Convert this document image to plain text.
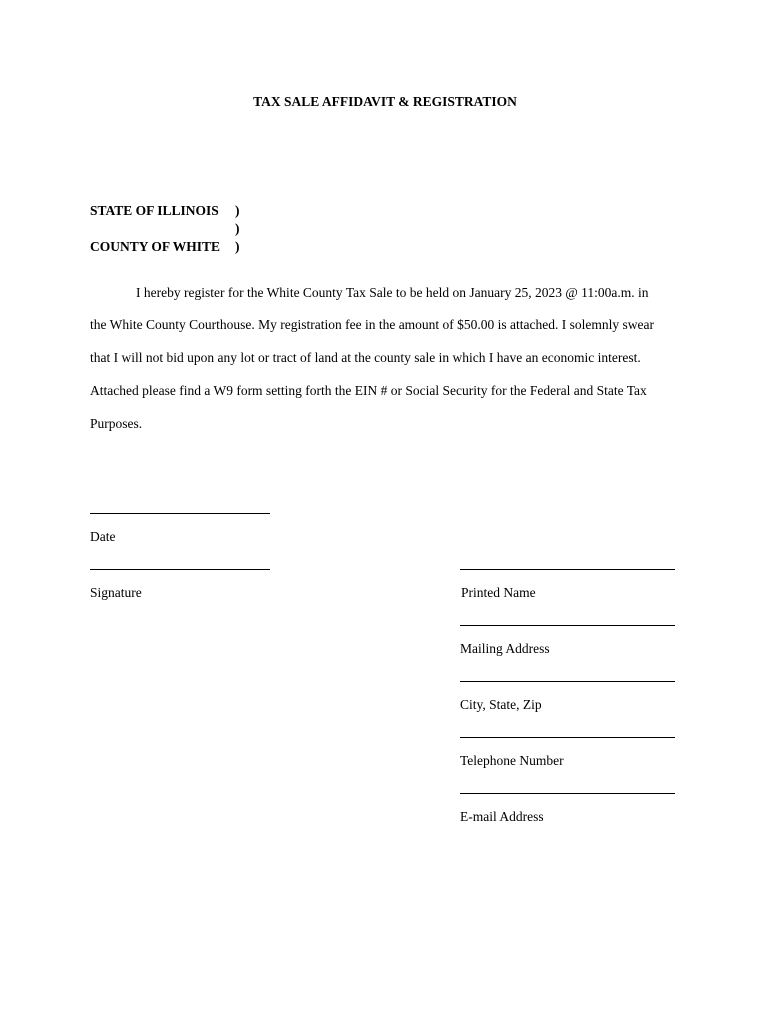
TAX SALE AFFIDAVIT & REGISTRATION
STATE OF ILLINOIS )
)
COUNTY OF WHITE )
I hereby register for the White County Tax Sale to be held on January 25, 2023 @ 11:00a.m. in
the White County Courthouse. My registration fee in the amount of $50.00 is attached. I solemnly swear
that I will not bid upon any lot or tract of land at the county sale in which I have an economic interest.
Attached please find a W9 form setting forth the EIN # or Social Security for the Federal and State Tax
Purposes.
Date
Signature	Printed Name
Mailing Address
City, State, Zip
Telephone Number
E-mail Address
